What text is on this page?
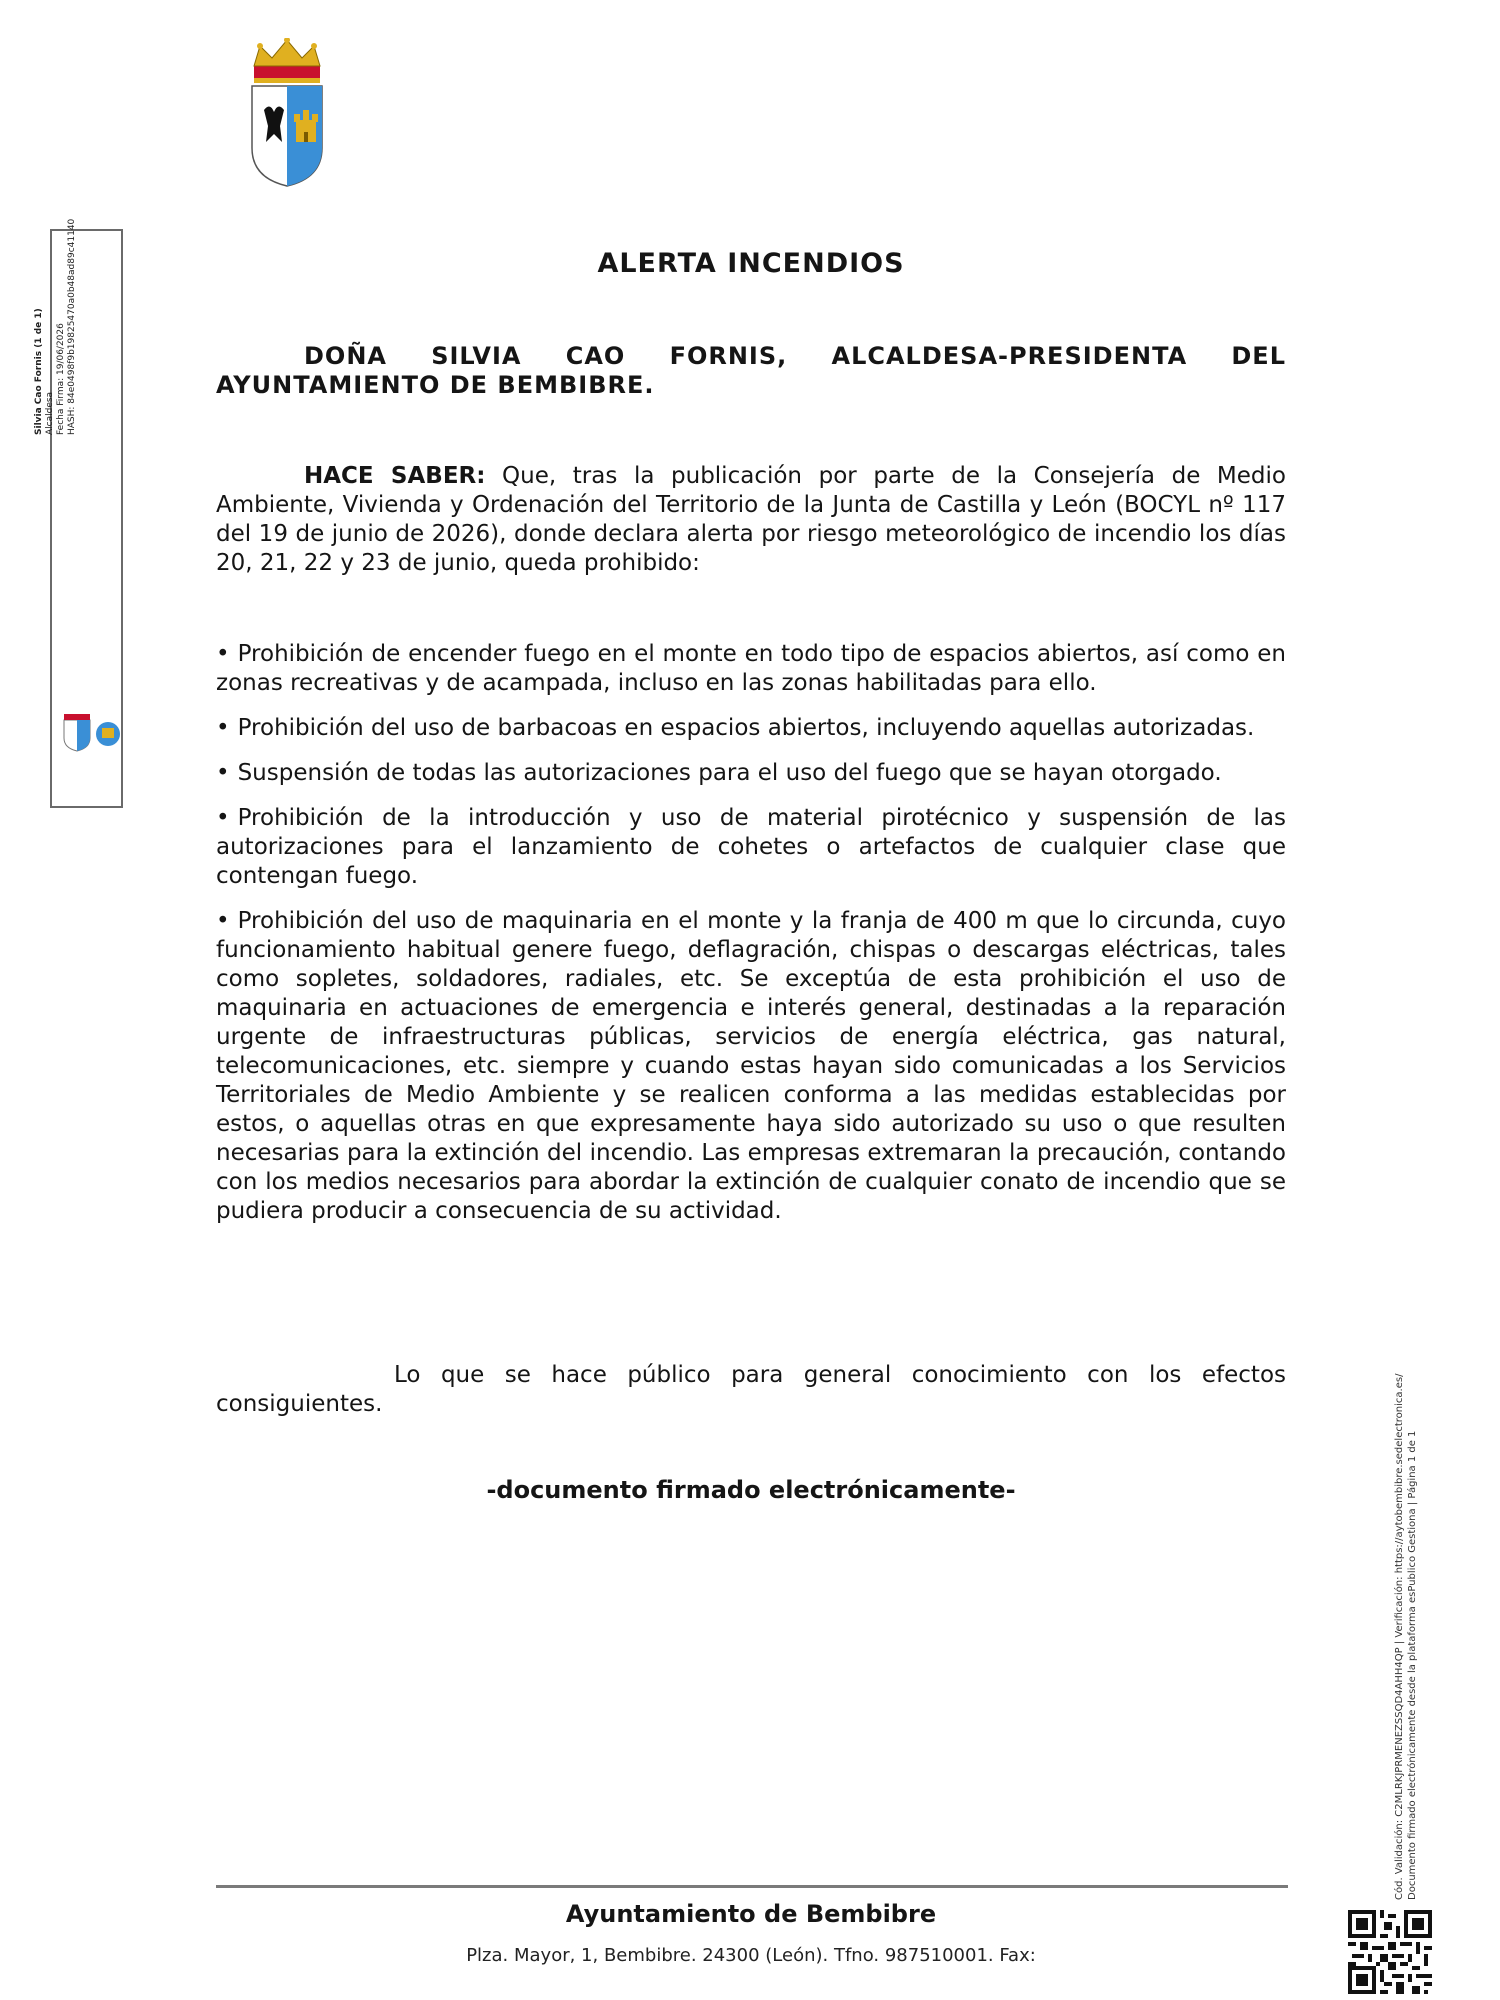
Silvia Cao Fornis (1 de 1) Alcaldesa Fecha Firma: 19/06/2026 HASH: 84e0498f9b19825470a0b48ad89c41140	ALERTA INCENDIOS
DOÑA SILVIA CAO FORNIS, ALCALDESA-PRESIDENTA DEL
AYUNTAMIENTO DE BEMBIBRE.
HACE SABER: Que, tras la publicación por parte de la Consejería de Medio Ambiente, Vivienda y Ordenación del Territorio de la Junta de Castilla y León (BOCYL nº 117 del 19 de junio de 2026), donde declara alerta por riesgo meteorológico de incendio los días 20, 21, 22 y 23 de junio, queda prohibido:
• Prohibición de encender fuego en el monte en todo tipo de espacios abiertos, así como en zonas recreativas y de acampada, incluso en las zonas habilitadas para ello.
• Prohibición del uso de barbacoas en espacios abiertos, incluyendo aquellas autorizadas.
• Suspensión de todas las autorizaciones para el uso del fuego que se hayan otorgado.
• Prohibición de la introducción y uso de material pirotécnico y suspensión de las autorizaciones para el lanzamiento de cohetes o artefactos de cualquier clase que contengan fuego.
• Prohibición del uso de maquinaria en el monte y la franja de 400 m que lo circunda, cuyo funcionamiento habitual genere fuego, deflagración, chispas o descargas eléctricas, tales como sopletes, soldadores, radiales, etc. Se exceptúa de esta prohibición el uso de maquinaria en actuaciones de emergencia e interés general, destinadas a la reparación urgente de infraestructuras públicas, servicios de energía eléctrica, gas natural, telecomunicaciones, etc. siempre y cuando estas hayan sido comunicadas a los Servicios Territoriales de Medio Ambiente y se realicen conforma a las medidas establecidas por estos, o aquellas otras en que expresamente haya sido autorizado su uso o que resulten necesarias para la extinción del incendio. Las empresas extremaran la precaución, contando con los medios necesarios para abordar la extinción de cualquier conato de incendio que se pudiera producir a consecuencia de su actividad.
Lo que se hace público para general conocimiento con los efectos consiguientes.
-documento firmado electrónicamente-
Ayuntamiento de Bembibre
Plza. Mayor, 1, Bembibre. 24300 (León). Tfno. 987510001. Fax:
Cód. Validación: C2MLRKJPRMENEZSSQD4AHH4QP | Verificación: https://aytobembibre.sedelectronica.es/ Documento firmado electrónicamente desde la plataforma esPublico Gestiona | Página 1 de 1
